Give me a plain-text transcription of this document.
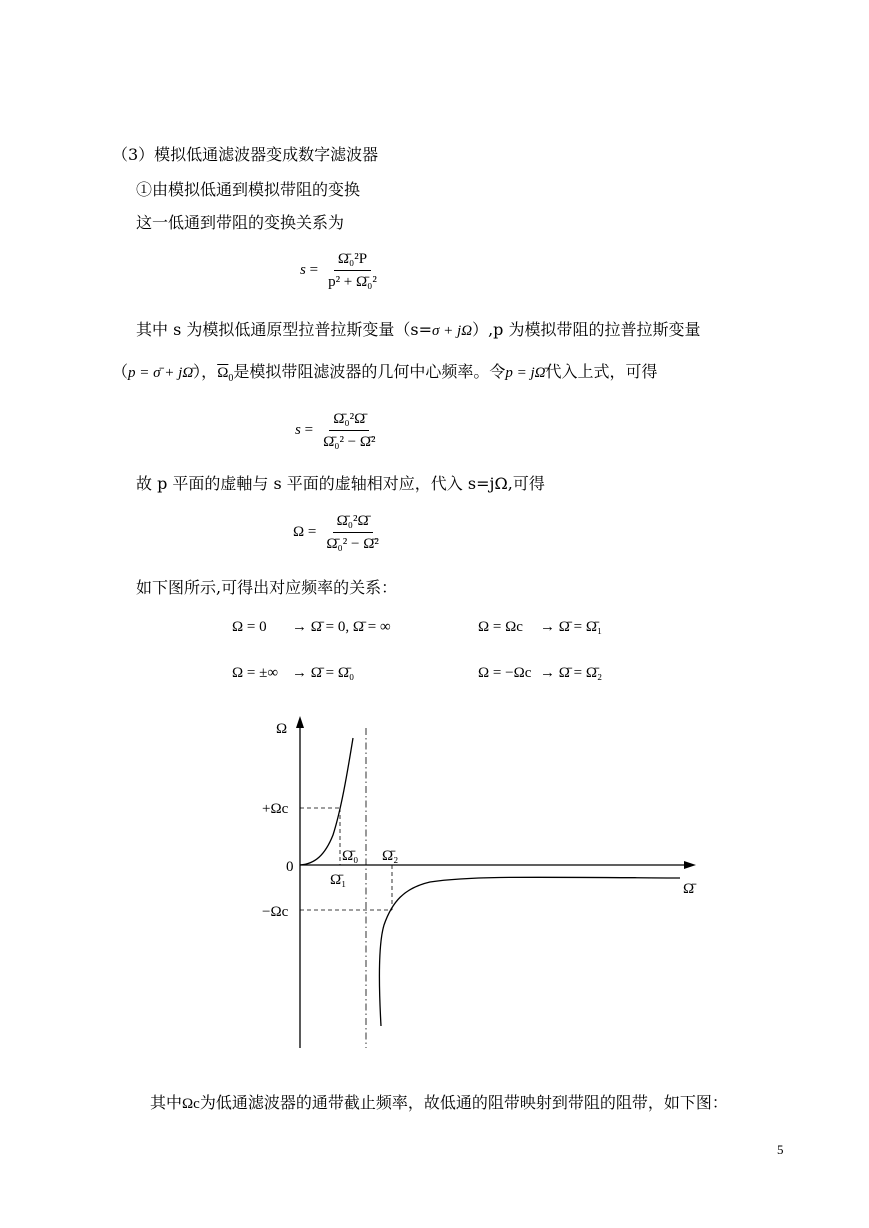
（3）模拟低通滤波器变成数字滤波器
①由模拟低通到模拟带阻的变换
这一低通到带阻的变换关系为
$s = \frac{\text{Ω̄₀²P}}{\text{p² + Ω̄₀²}}$
其中 s 为模拟低通原型拉普拉斯变量（s=σ + jΩ）,p 为模拟带阻的拉普拉斯变量
（p = σ̄ + jΩ̄），$\overline{\Omega}_0$是模拟带阻滤波器的几何中心频率。令p = jΩ̄代入上式，可得
$s = \frac{\text{Ω̄₀²Ω̄}}{\text{Ω̄₀² − Ω̄²}}$
故 p 平面的虚軸与 s 平面的虚轴相对应，代入 s=jΩ,可得
$\Omega = \frac{\text{Ω̄₀²Ω̄}}{\text{Ω̄₀² − Ω̄²}}$
如下图所示,可得出对应频率的关系：
Ω = 0 → Ω̄ = 0, Ω̄ = ∞	Ω = Ωc → Ω̄ = Ω̄₁
Ω = ±∞ → Ω̄ = Ω̄₀	Ω = −Ωc → Ω̄ = Ω̄₂
Ω
Ω̄
0
+Ωc
−Ωc
Ω̄₀
Ω̄₁
Ω̄₂
其中Ωc为低通滤波器的通带截止频率，故低通的阻带映射到带阻的阻带，如下图：
5
